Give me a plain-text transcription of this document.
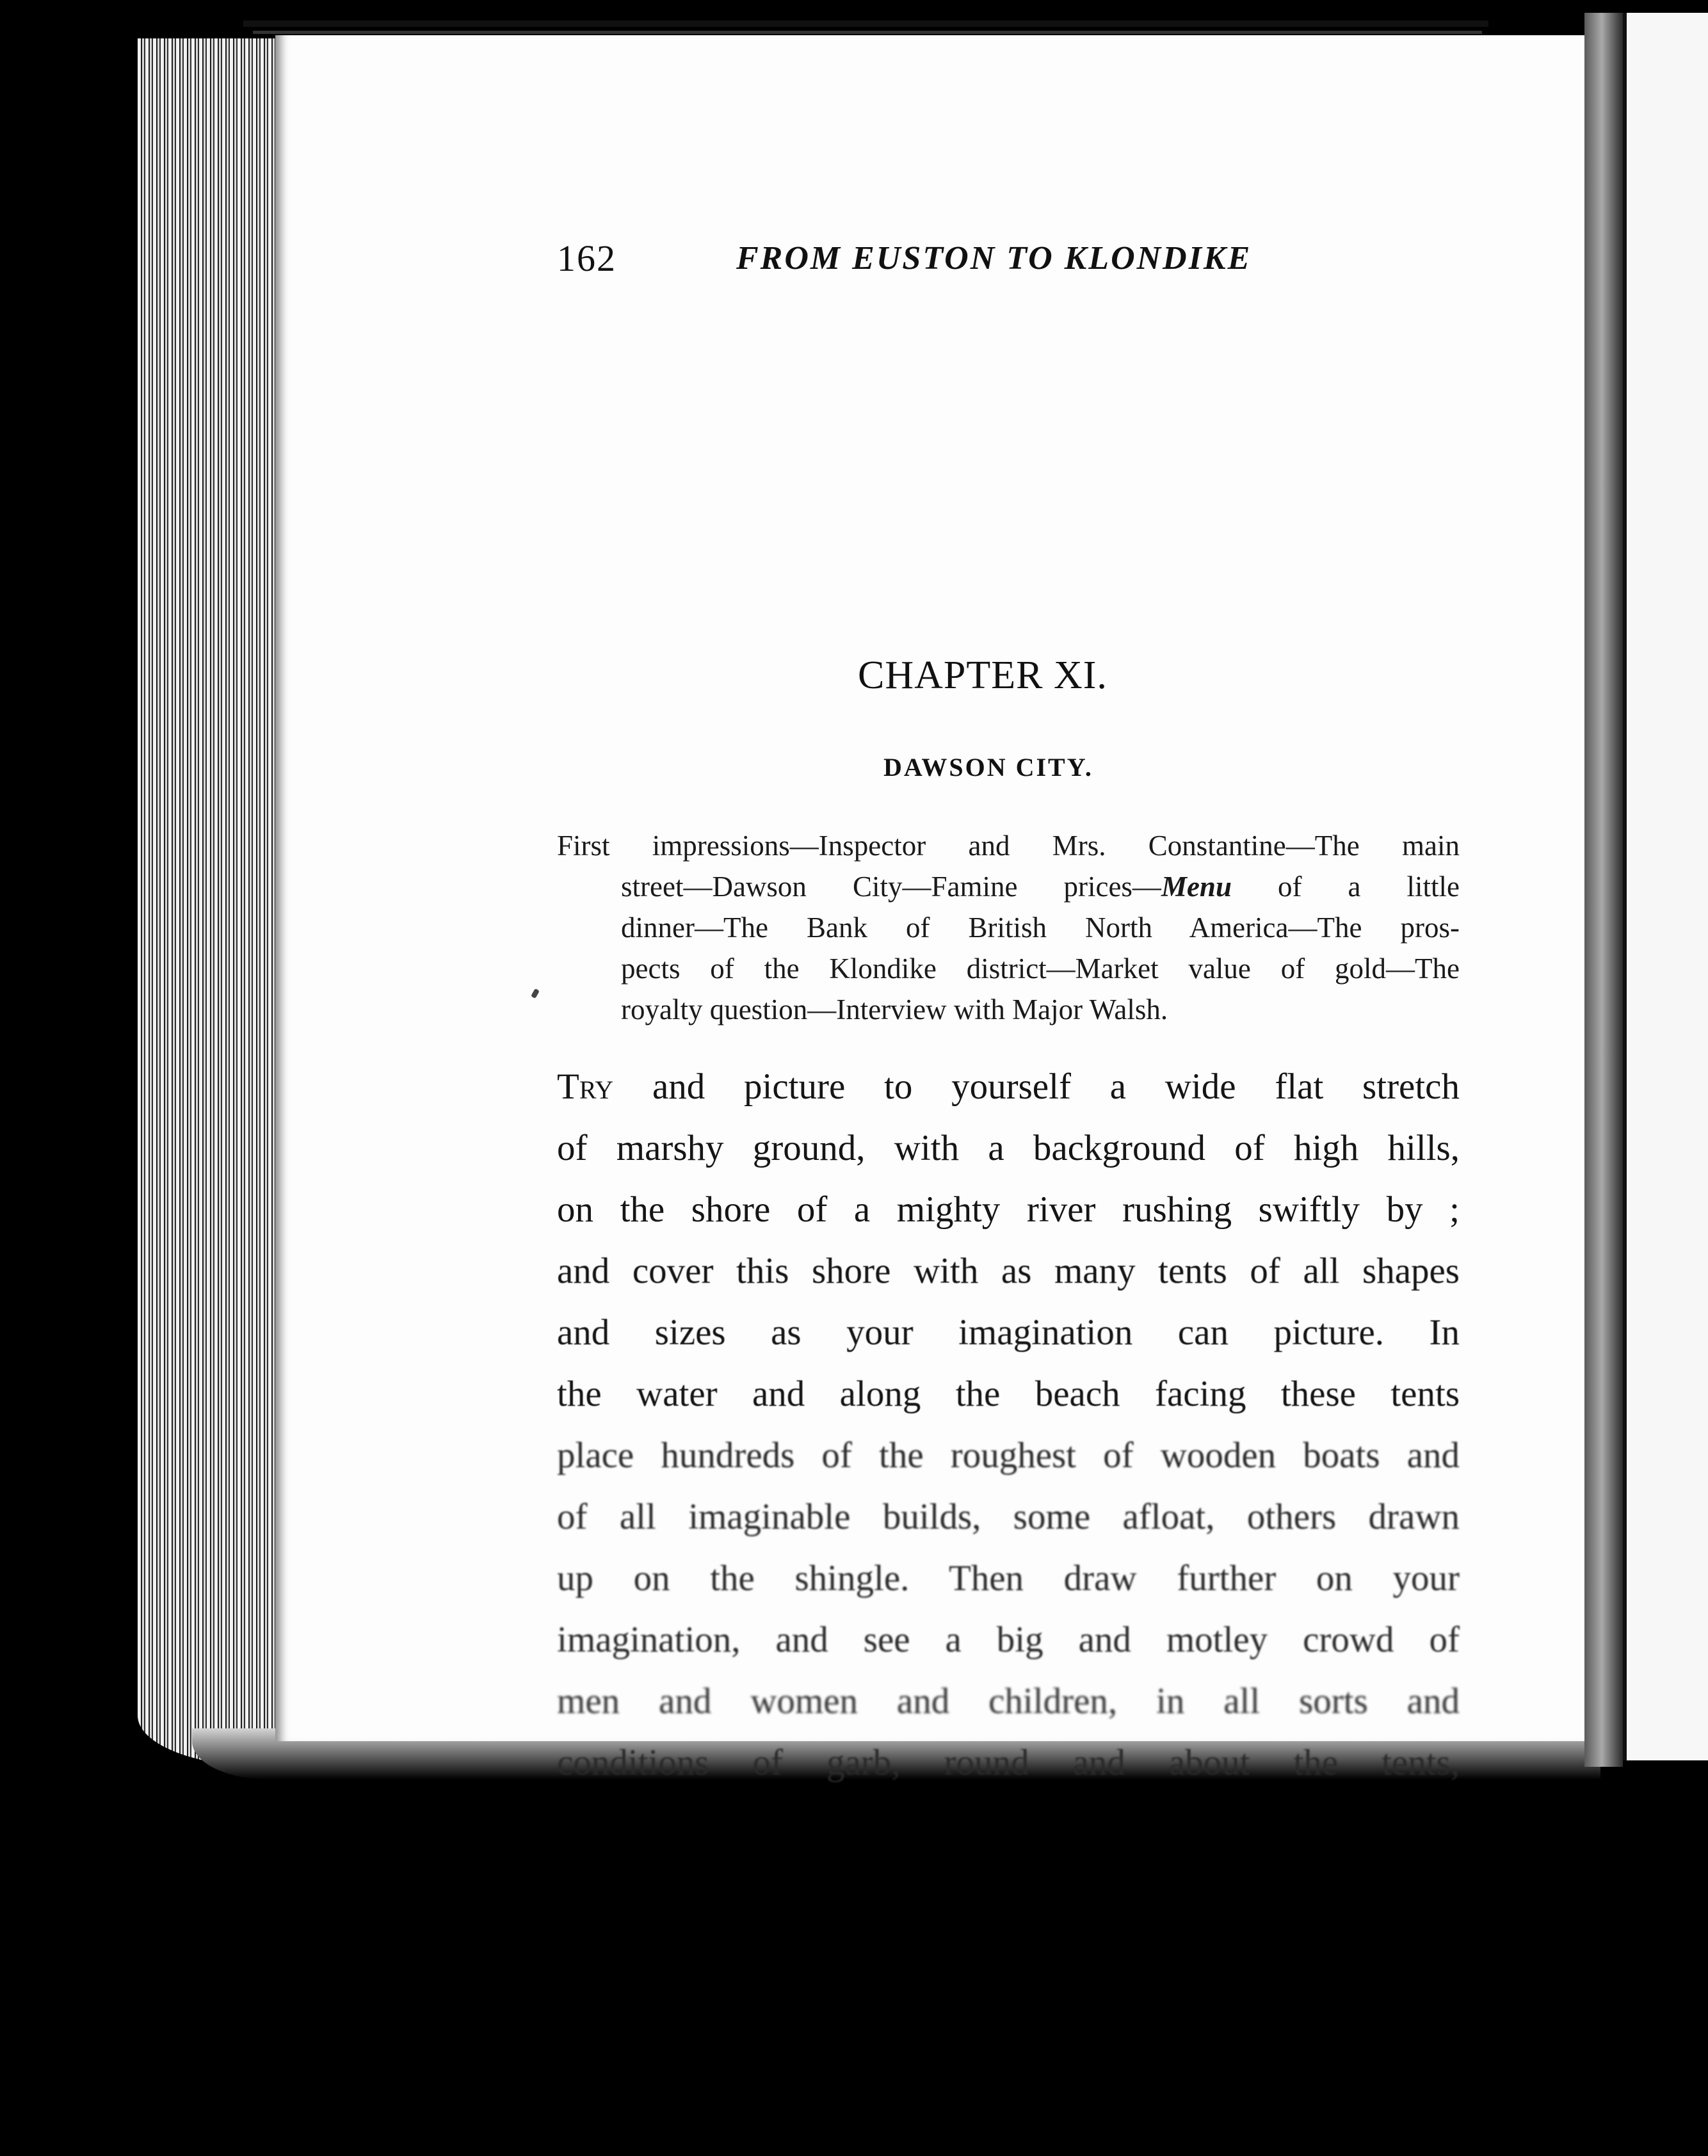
162	FROM EUSTON TO KLONDIKE
CHAPTER XI.
DAWSON CITY.
First impressions—Inspector and Mrs. Constantine—The main
street—Dawson City—Famine prices—Menu of a little
dinner—The Bank of British North America—The pros-
pects of the Klondike district—Market value of gold—The
royalty question—Interview with Major Walsh.
Try and picture to yourself a wide flat stretch
of marshy ground, with a background of high hills,
on the shore of a mighty river rushing swiftly by ;
and cover this shore with as many tents of all shapes
and sizes as your imagination can picture. In
the water and along the beach facing these tents
place hundreds of the roughest of wooden boats and
of all imaginable builds, some afloat, others drawn
up on the shingle. Then draw further on your
imagination, and see a big and motley crowd of
men and women and children, in all sorts and
conditions of garb, round and about the tents,
